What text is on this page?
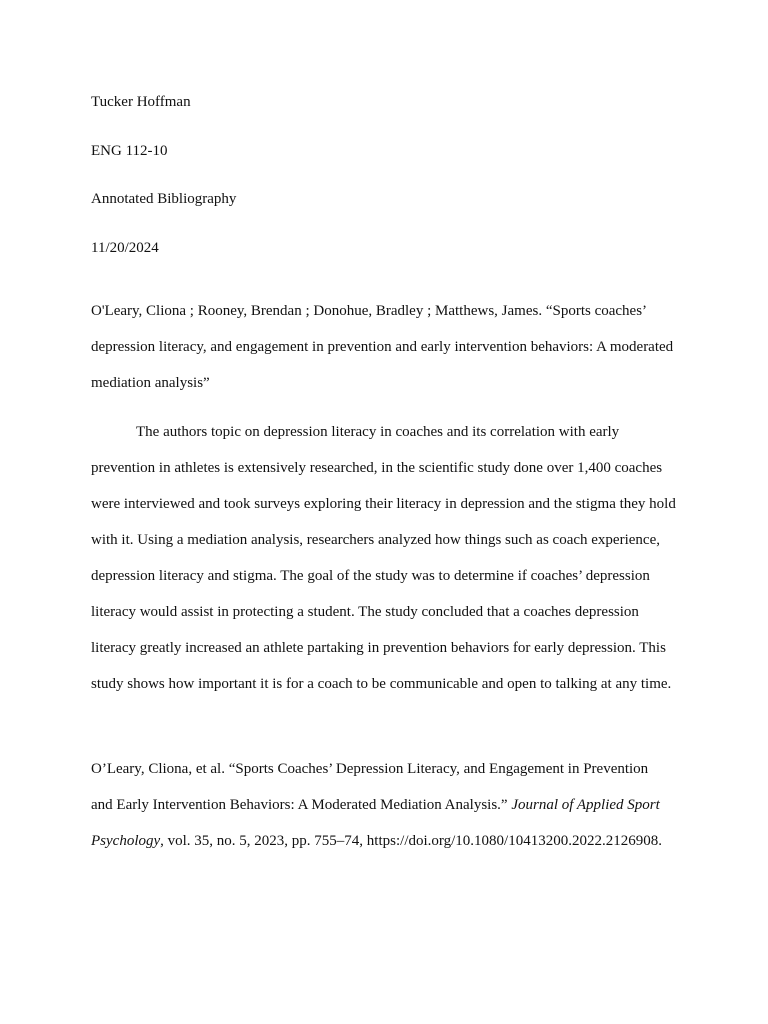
Tucker Hoffman

ENG 112-10

Annotated Bibliography

11/20/2024

O'Leary, Cliona ; Rooney, Brendan ; Donohue, Bradley ; Matthews, James. “Sports coaches’

depression literacy, and engagement in prevention and early intervention behaviors: A moderated

mediation analysis”

The authors topic on depression literacy in coaches and its correlation with early

prevention in athletes is extensively researched, in the scientific study done over 1,400 coaches

were interviewed and took surveys exploring their literacy in depression and the stigma they hold

with it. Using a mediation analysis, researchers analyzed how things such as coach experience,

depression literacy and stigma. The goal of the study was to determine if coaches’ depression

literacy would assist in protecting a student. The study concluded that a coaches depression

literacy greatly increased an athlete partaking in prevention behaviors for early depression. This

study shows how important it is for a coach to be communicable and open to talking at any time.

O’Leary, Cliona, et al. “Sports Coaches’ Depression Literacy, and Engagement in Prevention

and Early Intervention Behaviors: A Moderated Mediation Analysis.” Journal of Applied Sport

Psychology, vol. 35, no. 5, 2023, pp. 755–74, https://doi.org/10.1080/10413200.2022.2126908.
